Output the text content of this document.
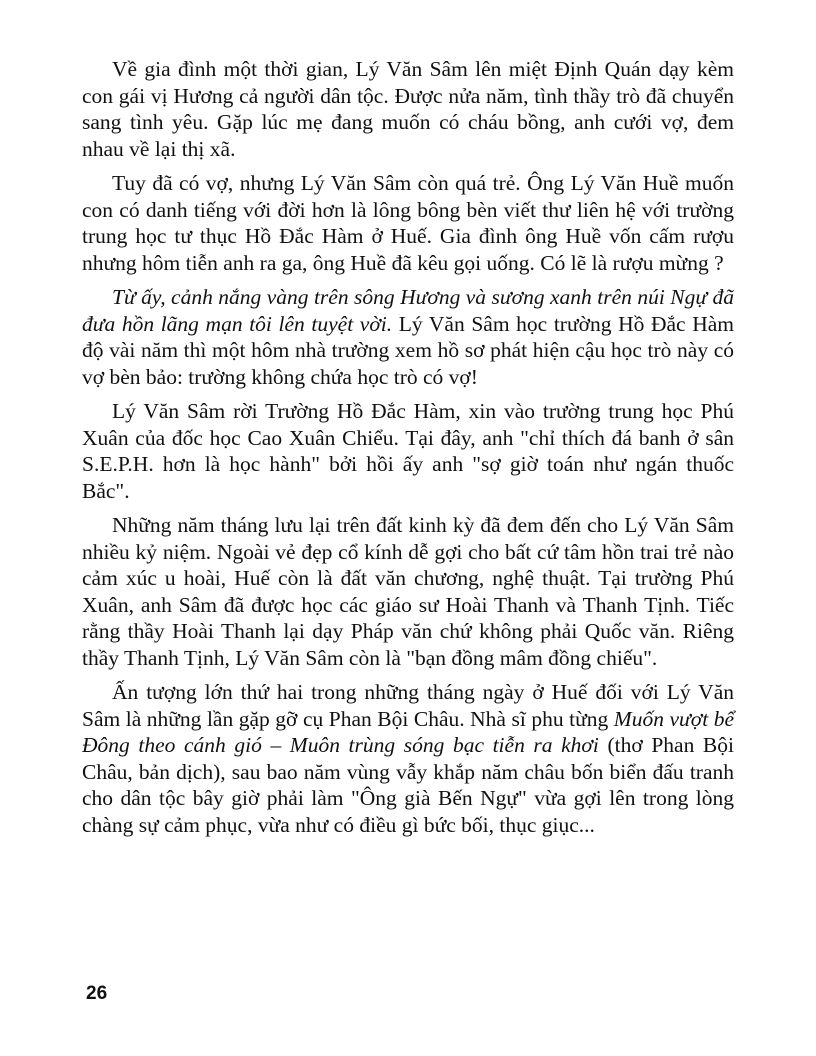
Về gia đình một thời gian, Lý Văn Sâm lên miệt Định Quán dạy kèm con gái vị Hương cả người dân tộc. Được nửa năm, tình thầy trò đã chuyển sang tình yêu. Gặp lúc mẹ đang muốn có cháu bồng, anh cưới vợ, đem nhau về lại thị xã.

Tuy đã có vợ, nhưng Lý Văn Sâm còn quá trẻ. Ông Lý Văn Huề muốn con có danh tiếng với đời hơn là lông bông bèn viết thư liên hệ với trường trung học tư thục Hồ Đắc Hàm ở Huế. Gia đình ông Huề vốn cấm rượu nhưng hôm tiễn anh ra ga, ông Huề đã kêu gọi uống. Có lẽ là rượu mừng ?

Từ ấy, cảnh nắng vàng trên sông Hương và sương xanh trên núi Ngự đã đưa hồn lãng mạn tôi lên tuyệt vời. Lý Văn Sâm học trường Hồ Đắc Hàm độ vài năm thì một hôm nhà trường xem hồ sơ phát hiện cậu học trò này có vợ bèn bảo: trường không chứa học trò có vợ!

Lý Văn Sâm rời Trường Hồ Đắc Hàm, xin vào trường trung học Phú Xuân của đốc học Cao Xuân Chiểu. Tại đây, anh "chỉ thích đá banh ở sân S.E.P.H. hơn là học hành" bởi hồi ấy anh "sợ giờ toán như ngán thuốc Bắc".

Những năm tháng lưu lại trên đất kinh kỳ đã đem đến cho Lý Văn Sâm nhiều kỷ niệm. Ngoài vẻ đẹp cổ kính dễ gợi cho bất cứ tâm hồn trai trẻ nào cảm xúc u hoài, Huế còn là đất văn chương, nghệ thuật. Tại trường Phú Xuân, anh Sâm đã được học các giáo sư Hoài Thanh và Thanh Tịnh. Tiếc rằng thầy Hoài Thanh lại dạy Pháp văn chứ không phải Quốc văn. Riêng thầy Thanh Tịnh, Lý Văn Sâm còn là "bạn đồng mâm đồng chiếu".

Ấn tượng lớn thứ hai trong những tháng ngày ở Huế đối với Lý Văn Sâm là những lần gặp gỡ cụ Phan Bội Châu. Nhà sĩ phu từng Muốn vượt bể Đông theo cánh gió – Muôn trùng sóng bạc tiễn ra khơi (thơ Phan Bội Châu, bản dịch), sau bao năm vùng vẫy khắp năm châu bốn biển đấu tranh cho dân tộc bây giờ phải làm "Ông già Bến Ngự" vừa gợi lên trong lòng chàng sự cảm phục, vừa như có điều gì bức bối, thục giục...

26
